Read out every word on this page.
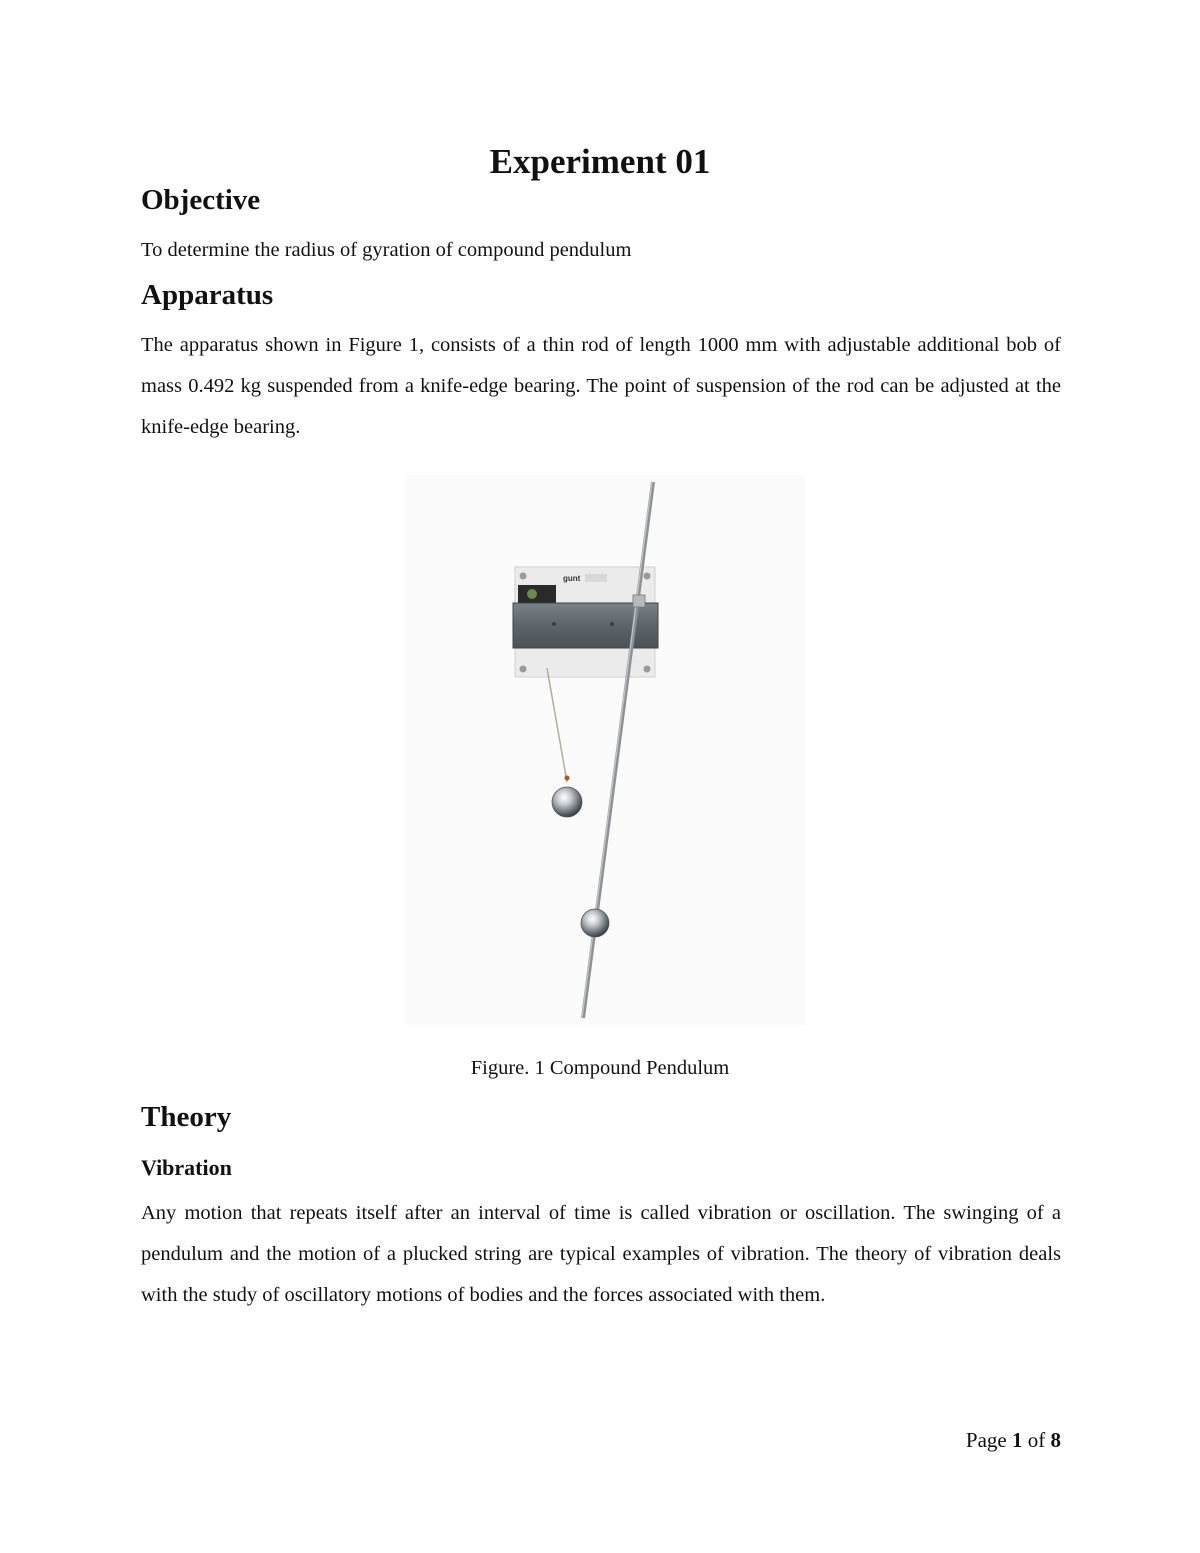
Experiment 01
Objective

To determine the radius of gyration of compound pendulum

Apparatus

The apparatus shown in Figure 1, consists of a thin rod of length 1000 mm with adjustable additional bob of mass 0.492 kg suspended from a knife-edge bearing. The point of suspension of the rod can be adjusted at the knife-edge bearing.

gunt

Figure. 1 Compound Pendulum

Theory
Vibration

Any motion that repeats itself after an interval of time is called vibration or oscillation. The swinging of a pendulum and the motion of a plucked string are typical examples of vibration. The theory of vibration deals with the study of oscillatory motions of bodies and the forces associated with them.

Page 1 of 8
